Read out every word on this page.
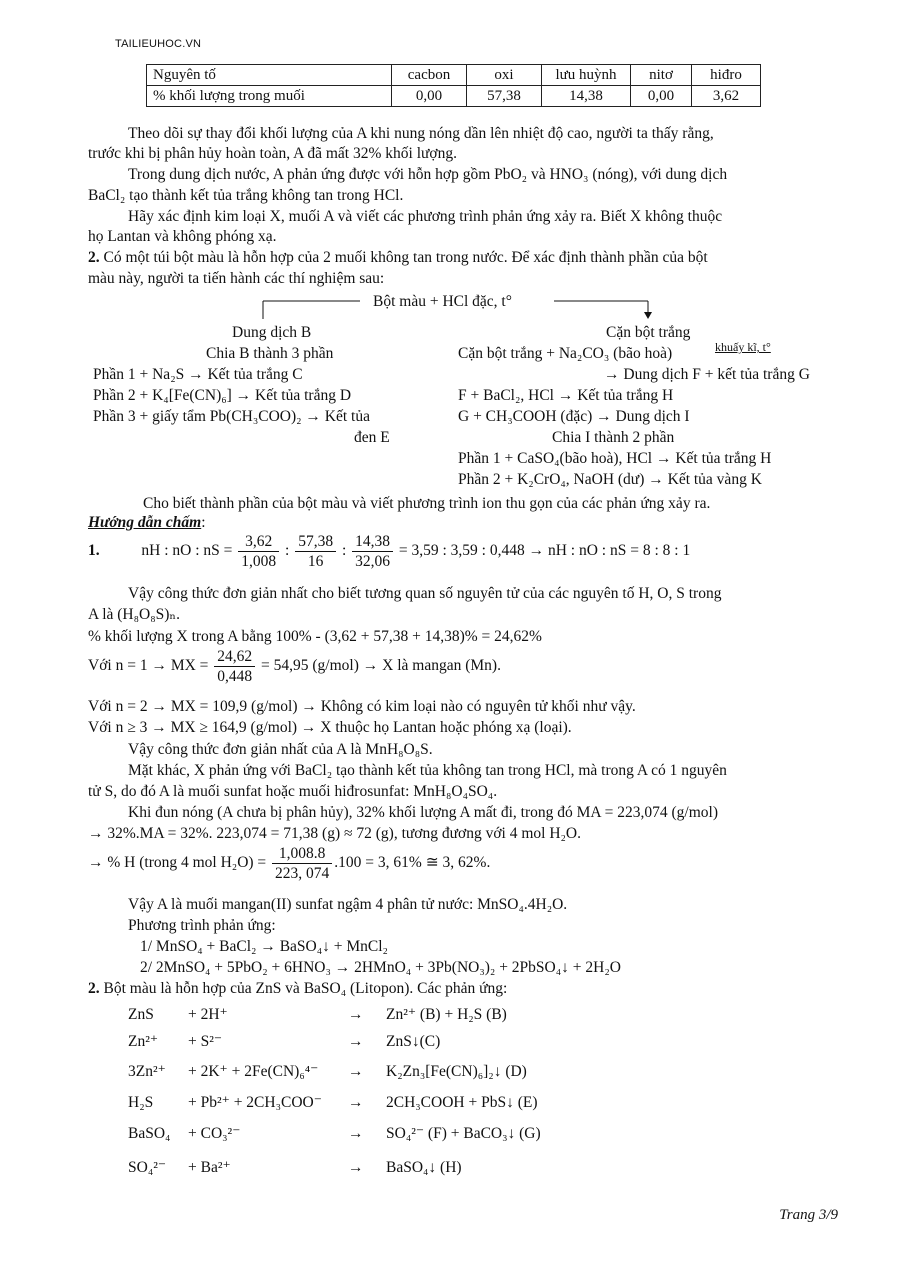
TAILIEUHOC.VN
Nguyên tố	cacbon	oxi	lưu huỳnh	nitơ	hiđro
% khối lượng trong muối	0,00	57,38	14,38	0,00	3,62
Theo dõi sự thay đổi khối lượng của A khi nung nóng dần lên nhiệt độ cao, người ta thấy rằng,
trước khi bị phân hủy hoàn toàn, A đã mất 32% khối lượng.
Trong dung dịch nước, A phản ứng được với hỗn hợp gồm PbO₂ và HNO₃ (nóng), với dung dịch
BaCl₂ tạo thành kết tủa trắng không tan trong HCl.
Hãy xác định kim loại X, muối A và viết các phương trình phản ứng xảy ra. Biết X không thuộc
họ Lantan và không phóng xạ.
2. Có một túi bột màu là hỗn hợp của 2 muối không tan trong nước. Để xác định thành phần của bột
màu này, người ta tiến hành các thí nghiệm sau:
Bột màu + HCl đặc, t°
Dung dịch B
Chia B thành 3 phần
Phần 1 + Na₂S → Kết tủa trắng C
Phần 2 + K₄[Fe(CN)₆] → Kết tủa trắng D
Phần 3 + giấy tẩm Pb(CH₃COO)₂ → Kết tủa
đen E
Cặn bột trắng
Cặn bột trắng + Na₂CO₃ (bão hoà)	khuấy kĩ, t°
→ Dung dịch F + kết tủa trắng G
F + BaCl₂, HCl → Kết tủa trắng H
G + CH₃COOH (đặc) → Dung dịch I
Chia I thành 2 phần
Phần 1 + CaSO₄(bão hoà), HCl → Kết tủa trắng H
Phần 2 + K₂CrO₄, NaOH (dư) → Kết tủa vàng K
Cho biết thành phần của bột màu và viết phương trình ion thu gọn của các phản ứng xảy ra.
Hướng dẫn chấm:
1.	nH : nO : nS = $\frac{3,62}{1,008}$ : $\frac{57,38}{16}$ : $\frac{14,38}{32,06} = 3,59$ : 3,59 : 0,448 → nH : nO : nS = 8 : 8 : 1
Vậy công thức đơn giản nhất cho biết tương quan số nguyên tử của các nguyên tố H, O, S trong
A là (H₈O₈S)ₙ.
% khối lượng X trong A bằng 100% - (3,62 + 57,38 + 14,38)% = 24,62%
Với n = 1 → MX = $\frac{24,62}{0,448} = 54,95$ (g/mol) → X là mangan (Mn).
Với n = 2 → MX = 109,9 (g/mol) → Không có kim loại nào có nguyên tử khối như vậy.
Với n ≥ 3 → MX ≥ 164,9 (g/mol) → X thuộc họ Lantan hoặc phóng xạ (loại).
Vậy công thức đơn giản nhất của A là MnH₈O₈S.
Mặt khác, X phản ứng với BaCl₂ tạo thành kết tủa không tan trong HCl, mà trong A có 1 nguyên
tử S, do đó A là muối sunfat hoặc muối hiđrosunfat: MnH₈O₄SO₄.
Khi đun nóng (A chưa bị phân hủy), 32% khối lượng A mất đi, trong đó MA = 223,074 (g/mol)
→ 32%.MA = 32%. 223,074 = 71,38 (g) ≈ 72 (g), tương đương với 4 mol H₂O.
→ % H (trong 4 mol $H_2O) = \frac{1,008.8}{223, 074} .100 = 3$, 61% ≅ 3, 62%.
Vậy A là muối mangan(II) sunfat ngậm 4 phân tử nước: MnSO₄.4H₂O.
Phương trình phản ứng:
1/ MnSO₄ + BaCl₂ → BaSO₄↓ + MnCl₂
2/ 2MnSO₄ + 5PbO₂ + 6HNO₃ → 2HMnO₄ + 3Pb(NO₃)₂ + 2PbSO₄↓ + 2H₂O
2. Bột màu là hỗn hợp của ZnS và BaSO₄ (Litopon). Các phản ứng:
ZnS + 2H⁺	→ Zn²⁺ (B) + H₂S (B)
Zn²⁺ + S²⁻	→ ZnS↓(C)
3Zn²⁺ + 2K⁺ + 2Fe(CN)₆⁴⁻ → K₂Zn₃[Fe(CN)₆]₂↓ (D)
H₂S + Pb²⁺ + 2CH₃COO⁻ → 2CH₃COOH + PbS↓ (E)
BaSO₄ + CO₃²⁻	→ SO₄²⁻ (F) + BaCO₃↓ (G)
SO₄²⁻ + Ba²⁺	→ BaSO₄↓ (H)
Trang 3/9
